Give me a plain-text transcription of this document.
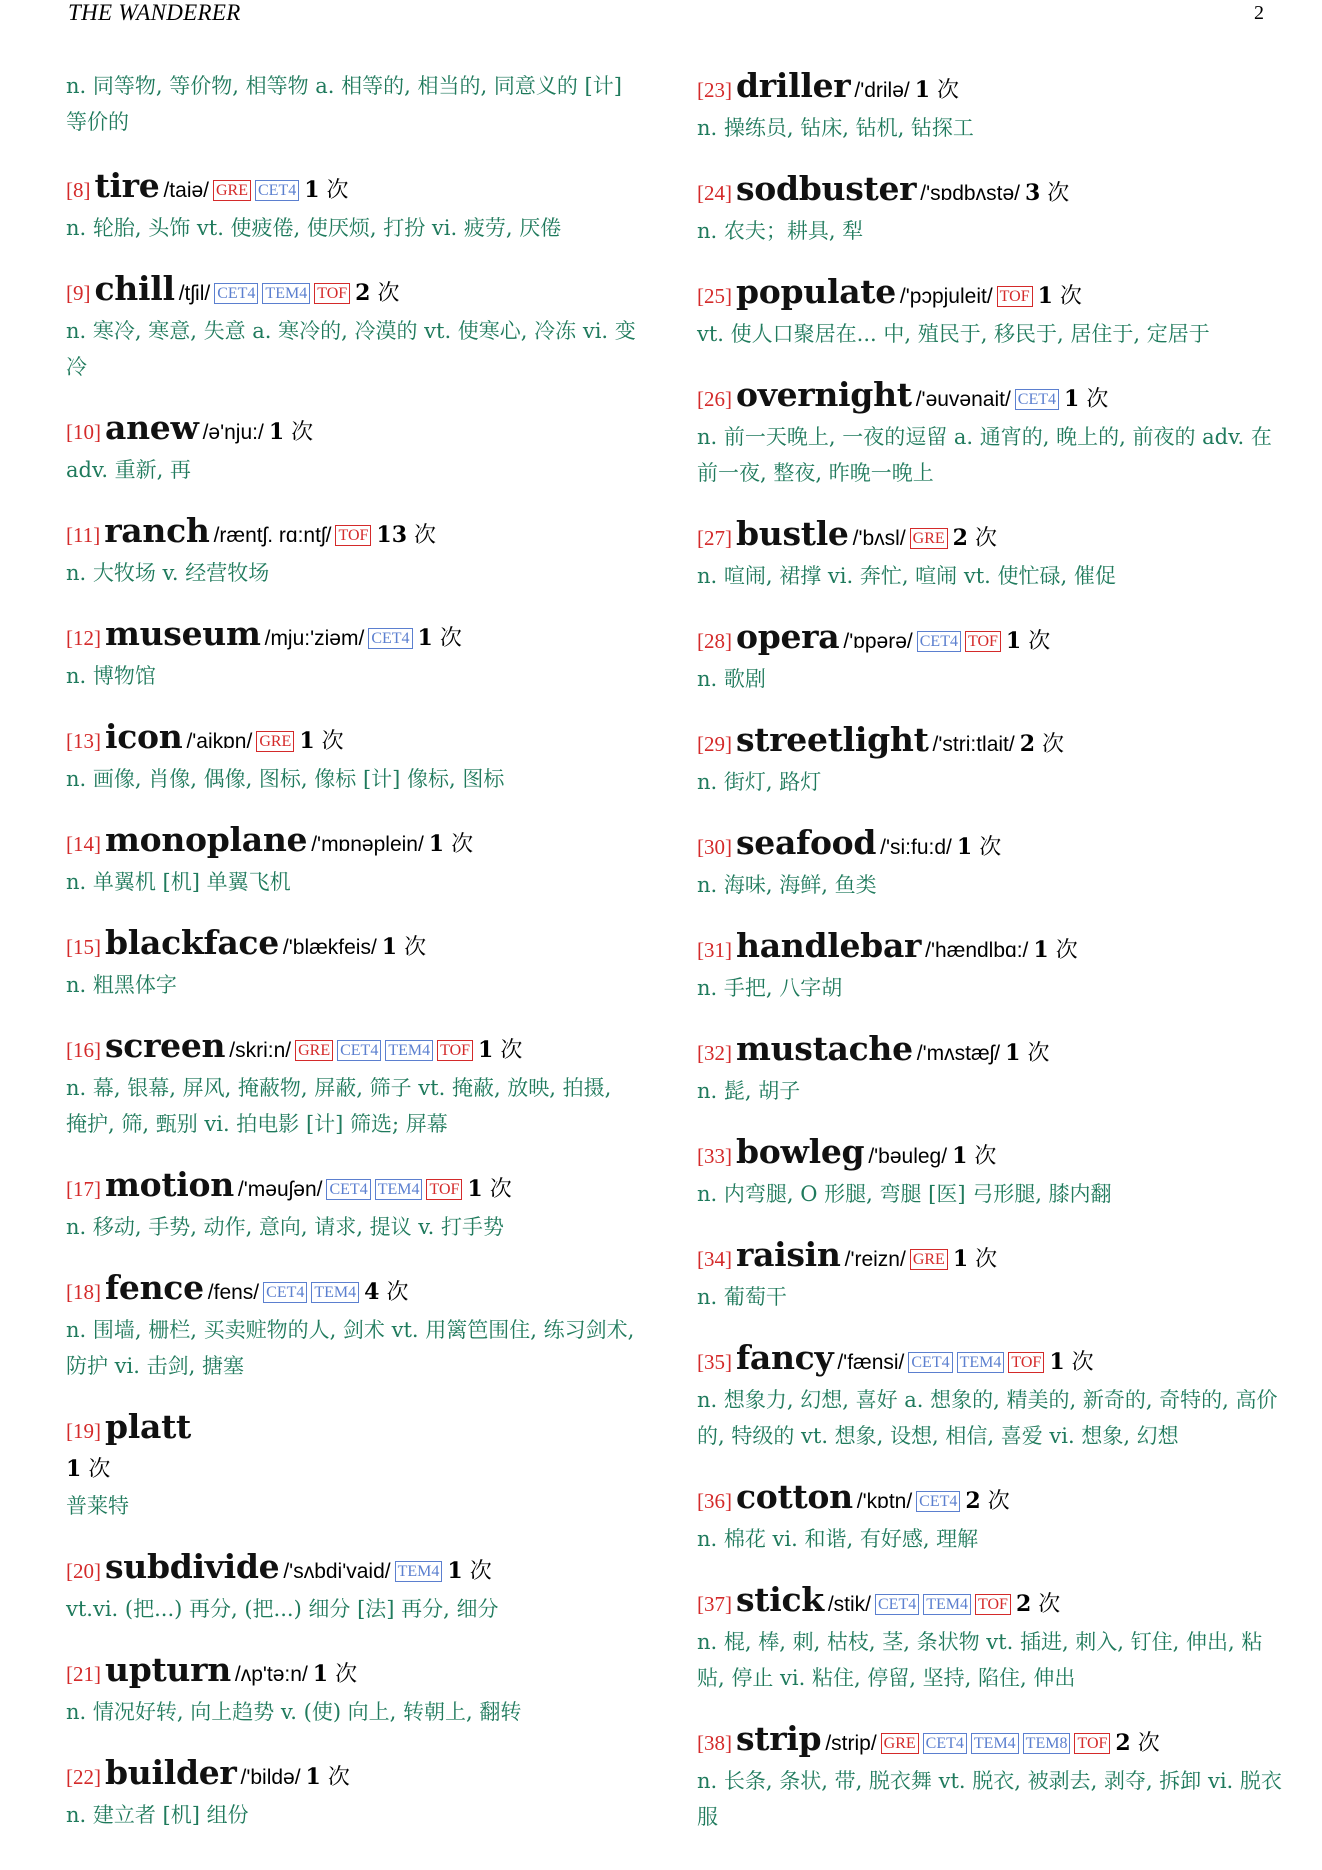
THE WANDERER	2
n. 同等物, 等价物, 相等物 a. 相等的, 相当的, 同意义的 [计] 等价的
[8] tire /taiə/ GRE CET4 1 次
n. 轮胎, 头饰 vt. 使疲倦, 使厌烦, 打扮 vi. 疲劳, 厌倦
[9] chill /tʃil/ CET4 TEM4 TOF 2 次
n. 寒冷, 寒意, 失意 a. 寒冷的, 冷漠的 vt. 使寒心, 冷冻 vi. 变冷
[10] anew /ə'nju:/ 1 次
adv. 重新, 再
[11] ranch /ræntʃ. rɑ:ntʃ/ TOF 13 次
n. 大牧场 v. 经营牧场
[12] museum /mju:'ziəm/ CET4 1 次
n. 博物馆
[13] icon /'aikɒn/ GRE 1 次
n. 画像, 肖像, 偶像, 图标, 像标 [计] 像标, 图标
[14] monoplane /'mɒnəplein/ 1 次
n. 单翼机 [机] 单翼飞机
[15] blackface /'blækfeis/ 1 次
n. 粗黑体字
[16] screen /skri:n/ GRE CET4 TEM4 TOF 1 次
n. 幕, 银幕, 屏风, 掩蔽物, 屏蔽, 筛子 vt. 掩蔽, 放映, 拍摄, 掩护, 筛, 甄别 vi. 拍电影 [计] 筛选; 屏幕
[17] motion /'məuʃən/ CET4 TEM4 TOF 1 次
n. 移动, 手势, 动作, 意向, 请求, 提议 v. 打手势
[18] fence /fens/ CET4 TEM4 4 次
n. 围墙, 栅栏, 买卖赃物的人, 剑术 vt. 用篱笆围住, 练习剑术, 防护 vi. 击剑, 搪塞
[19] platt
1 次
普莱特
[20] subdivide /'sʌbdi'vaid/ TEM4 1 次
vt.vi. (把...) 再分, (把...) 细分 [法] 再分, 细分
[21] upturn /ʌp'tə:n/ 1 次
n. 情况好转, 向上趋势 v. (使) 向上, 转朝上, 翻转
[22] builder /'bildə/ 1 次
n. 建立者 [机] 组份
[23] driller /'drilə/ 1 次
n. 操练员, 钻床, 钻机, 钻探工
[24] sodbuster /'sɒdbʌstə/ 3 次
n. 农夫；耕具, 犁
[25] populate /'pɔpjuleit/ TOF 1 次
vt. 使人口聚居在... 中, 殖民于, 移民于, 居住于, 定居于
[26] overnight /'əuvənait/ CET4 1 次
n. 前一天晚上, 一夜的逗留 a. 通宵的, 晚上的, 前夜的 adv. 在前一夜, 整夜, 昨晚一晚上
[27] bustle /'bʌsl/ GRE 2 次
n. 喧闹, 裙撑 vi. 奔忙, 喧闹 vt. 使忙碌, 催促
[28] opera /'ɒpərə/ CET4 TOF 1 次
n. 歌剧
[29] streetlight /'stri:tlait/ 2 次
n. 街灯, 路灯
[30] seafood /'si:fu:d/ 1 次
n. 海味, 海鲜, 鱼类
[31] handlebar /'hændlbɑ:/ 1 次
n. 手把, 八字胡
[32] mustache /'mʌstæʃ/ 1 次
n. 髭, 胡子
[33] bowleg /'bəuleg/ 1 次
n. 内弯腿, O 形腿, 弯腿 [医] 弓形腿, 膝内翻
[34] raisin /'reizn/ GRE 1 次
n. 葡萄干
[35] fancy /'fænsi/ CET4 TEM4 TOF 1 次
n. 想象力, 幻想, 喜好 a. 想象的, 精美的, 新奇的, 奇特的, 高价的, 特级的 vt. 想象, 设想, 相信, 喜爱 vi. 想象, 幻想
[36] cotton /'kɒtn/ CET4 2 次
n. 棉花 vi. 和谐, 有好感, 理解
[37] stick /stik/ CET4 TEM4 TOF 2 次
n. 棍, 棒, 刺, 枯枝, 茎, 条状物 vt. 插进, 刺入, 钉住, 伸出, 粘贴, 停止 vi. 粘住, 停留, 坚持, 陷住, 伸出
[38] strip /strip/ GRE CET4 TEM4 TEM8 TOF 2 次
n. 长条, 条状, 带, 脱衣舞 vt. 脱衣, 被剥去, 剥夺, 拆卸 vi. 脱衣服
